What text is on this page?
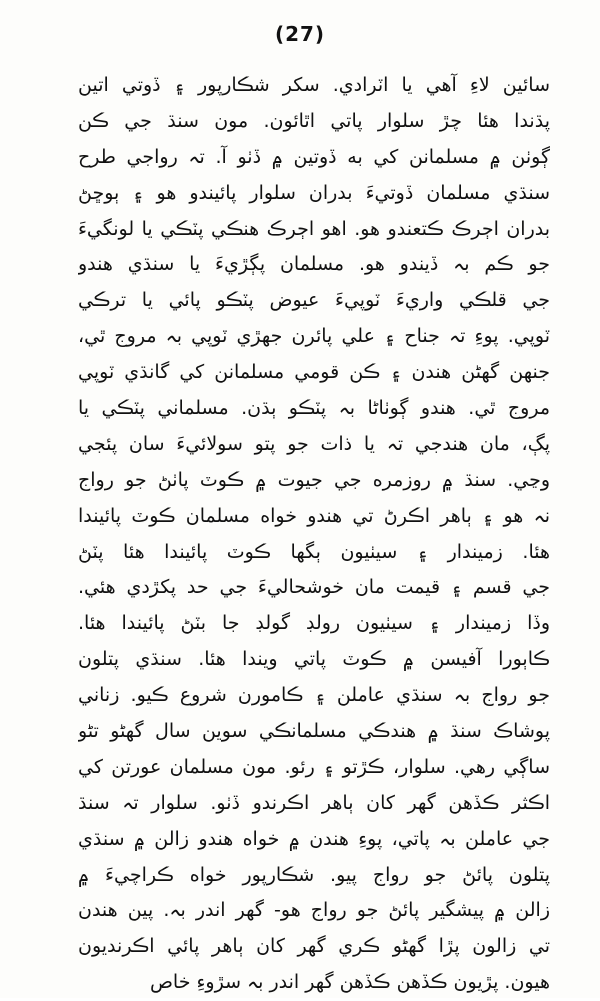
(27)
سائين لاءِ آهي يا اٽرادي. سکر شڪارپور ۽ ڏوتي اتين
پڌندا هئا چڙ سلوار پاتي اٿائون. مون سنڌ جي ڪن
ڳوٺن ۾ مسلمانن کي به ڏوتين ۾ ڏٺو آ. تہ رواجي طرح
سنڌي مسلمان ڏوتيءَ بدران سلوار پائيندو هو ۽ ٻوڇڻ
بدران اڄرڪ ڪتعندو هو. اهو اڄرڪ هنڪي پٽڪي يا لونگيءَ
جو ڪم بہ ڏيندو هو. مسلمان پڳڙيءَ يا سنڌي هندو
جي قلڪي واريءَ ٽوپيءَ عيوض پٽڪو پائي يا ترڪي
ٽوپي. پوءِ تہ جناح ۽ علي پائرن جهڙي ٽوپي بہ مروج ٿي،
جنهن گهڻن هندن ۽ ڪن قومي مسلمانن کي گانڌي ٽوپي
مروج ٿي. هندو ڳوٺاڻا بہ پٽڪو ٻڌن. مسلماني پٽڪي يا
پڳ، مان هندجي تہ يا ذات جو پتو سولائيءَ سان پئجي
وڃي. سنڌ ۾ روزمره جي جيوت ۾ ڪوٽ پاٺڻ جو رواج
نہ هو ۽ ٻاهر اڪرڻ تي هندو خواه مسلمان ڪوٽ پائيندا
هئا. زميندار ۽ سيٺيون ٻگها ڪوٽ پائيندا هئا پٽڻ
جي قسم ۽ قيمت مان خوشحاليءَ جي حد پکڙدي هئي.
وڏا زميندار ۽ سيٺيون رولڊ گولڊ جا بٽڻ پائيندا هئا.
ڪاٻورا آفيسن ۾ ڪوٽ پاتي ويندا هئا. سنڌي پتلون
جو رواج بہ سنڌي عاملن ۽ ڪامورن شروع ڪيو. زناني
پوشاڪ سنڌ ۾ هندڪي مسلمانڪي سوين سال گهڻو تڻو
ساڳي رهي. سلوار، ڪڙتو ۽ رئو. مون مسلمان عورتن کي
اڪثر ڪڏهن گهر کان ٻاهر اڪرندو ڏٺو. سلوار تہ سنڌ
جي عاملن بہ پاتي، پوءِ هندن ۾ خواه هندو زالن ۾ سنڌي
پتلون پائڻ جو رواج پيو. شڪارپور خواه ڪراچيءَ ۾
زالن ۾ پيشگير پائڻ جو رواج هو- گهر اندر بہ. پين هندن
تي زالون پڙا گهڻو ڪري گهر کان ٻاهر پائي اڪرنديون
هيون. پڙيون ڪڏهن ڪڏهن گهر اندر بہ سڙوءِ خاص
